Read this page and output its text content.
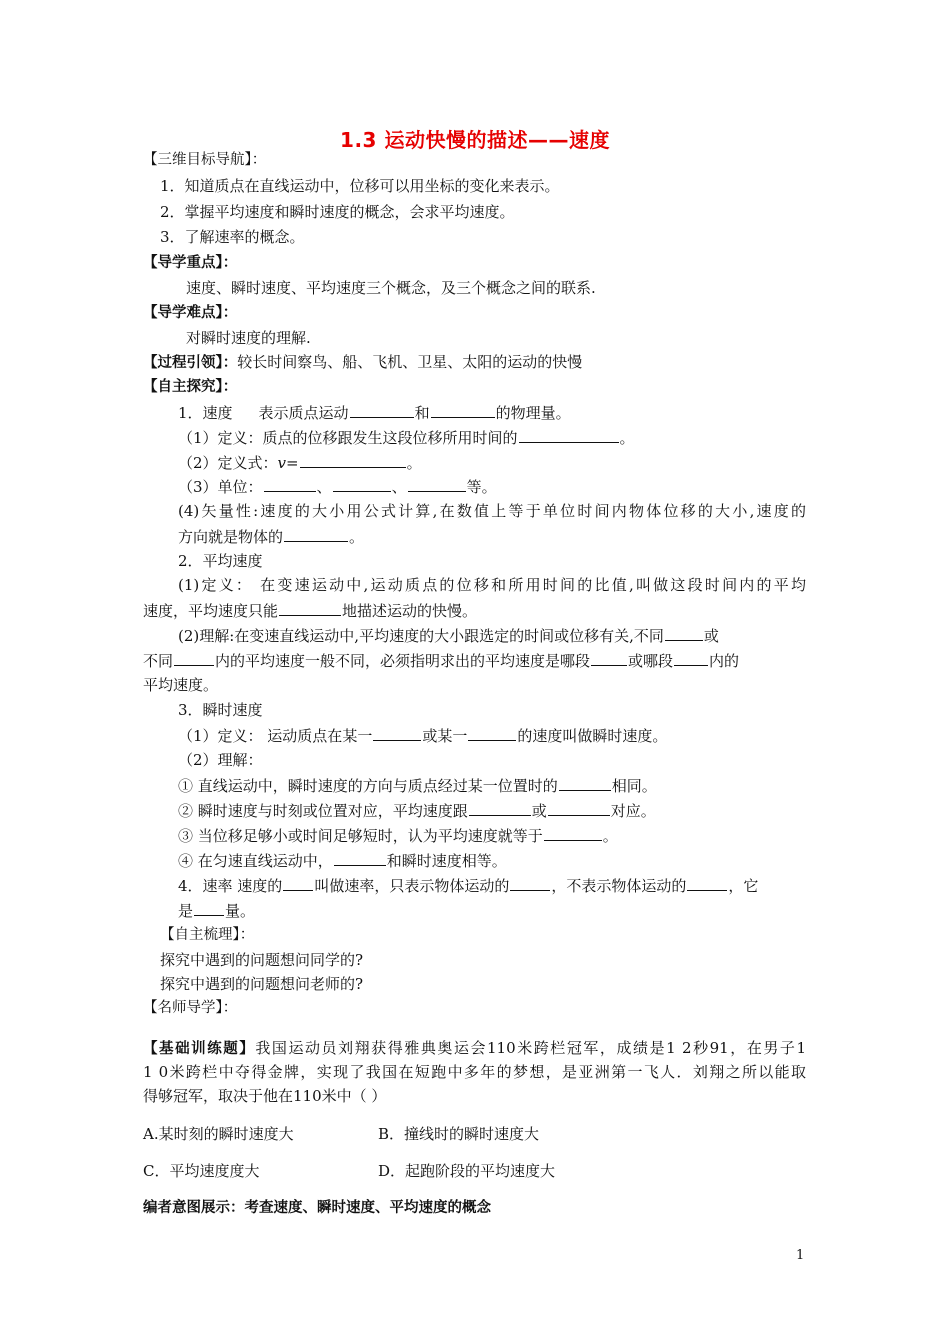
1.3 运动快慢的描述——速度
【三维目标导航】：
1．知道质点在直线运动中，位移可以用坐标的变化来表示。
2．掌握平均速度和瞬时速度的概念，会求平均速度。
3．了解速率的概念。
【导学重点】：
速度、瞬时速度、平均速度三个概念，及三个概念之间的联系.
【导学难点】：
对瞬时速度的理解.
【过程引领】：较长时间察鸟、船、飞机、卫星、太阳的运动的快慢
【自主探究】：
1．速度 表示质点运动	和	的物理量。
（1）定义：质点的位移跟发生这段位移所用时间的	。
（2）定义式：v=	。
（3）单位：	、	、	等。
(4)矢量性:速度的大小用公式计算,在数值上等于单位时间内物体位移的大小,速度的
方向就是物体的	。
2．平均速度
(1)定义： 在变速运动中,运动质点的位移和所用时间的比值,叫做这段时间内的平均
速度，平均速度只能	地描述运动的快慢。
(2)理解:在变速直线运动中,平均速度的大小跟选定的时间或位移有关,不同	或
不同	内的平均速度一般不同，必须指明求出的平均速度是哪段	或哪段 内的
平均速度。
3．瞬时速度
（1）定义： 运动质点在某一	或某一	的速度叫做瞬时速度。
（2）理解：
① 直线运动中，瞬时速度的方向与质点经过某一位置时的	相同。
② 瞬时速度与时刻或位置对应，平均速度跟	或	对应。
③ 当位移足够小或时间足够短时，认为平均速度就等于	。
④ 在匀速直线运动中，	和瞬时速度相等。
4．速率 速度的 叫做速率，只表示物体运动的	，不表示物体运动的	，它
是 量。
【自主梳理】：
探究中遇到的问题想问同学的?
探究中遇到的问题想问老师的?
【名师导学】：
【基础训练题】我国运动员刘翔获得雅典奥运会110米跨栏冠军，成绩是1 2秒91，在男子1
1 0米跨栏中夺得金牌，实现了我国在短跑中多年的梦想，是亚洲第一飞人．刘翔之所以能取
得够冠军，取决于他在110米中（ ）
A.某时刻的瞬时速度大	B．撞线时的瞬时速度大
C．平均速度度大	D．起跑阶段的平均速度大
编者意图展示：考查速度、瞬时速度、平均速度的概念
1
